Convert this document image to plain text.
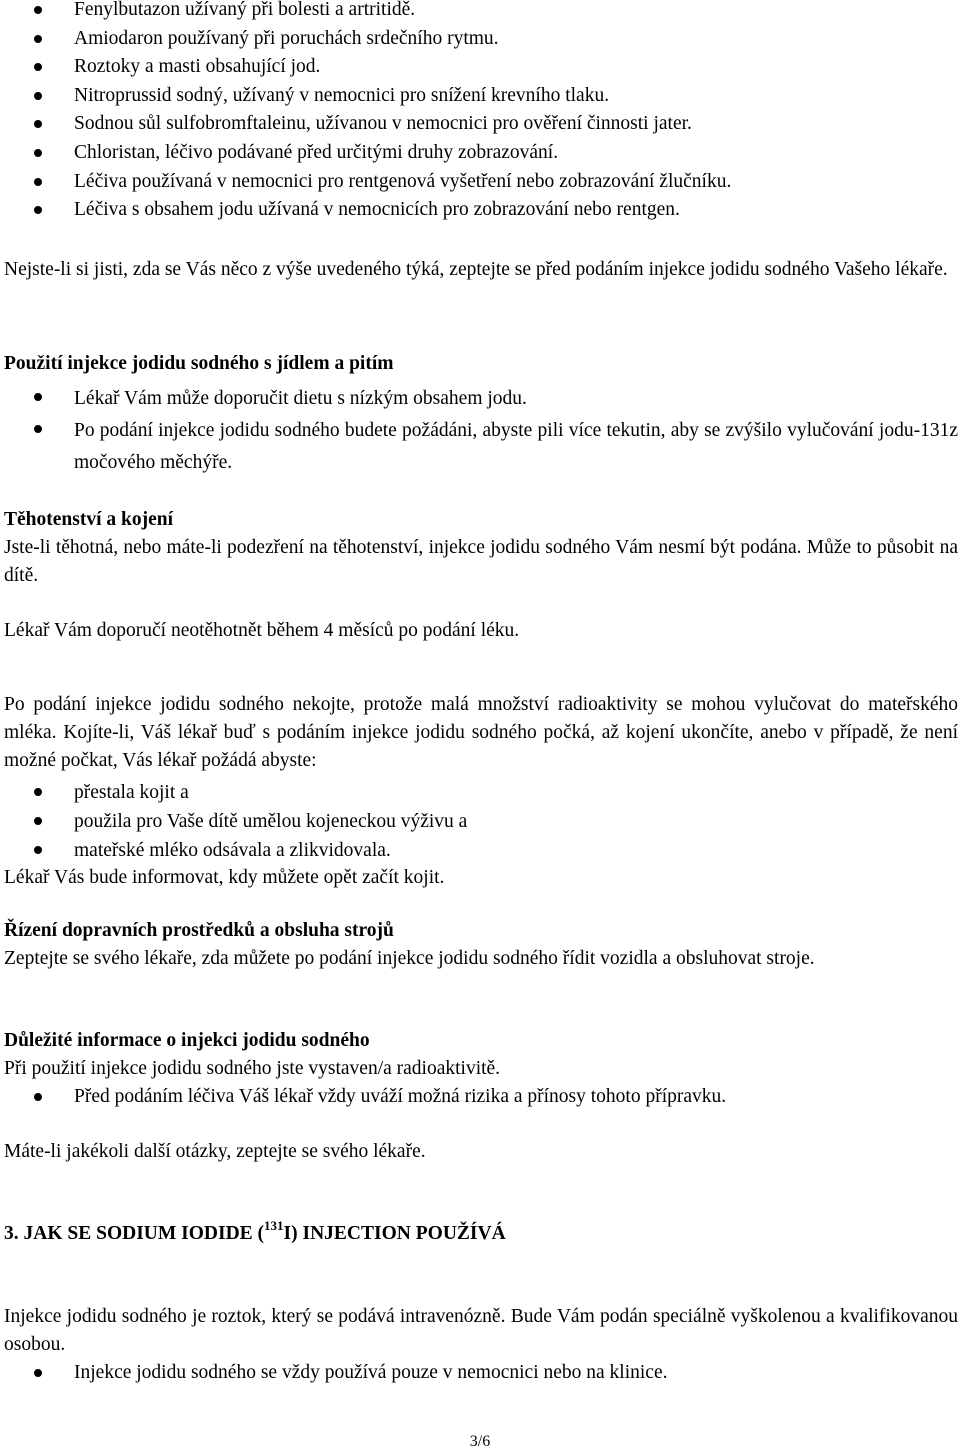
Fenylbutazon užívaný při bolesti a artritidě.
Amiodaron používaný při poruchách srdečního rytmu.
Roztoky a masti obsahující jod.
Nitroprussid sodný, užívaný v nemocnici pro snížení krevního tlaku.
Sodnou sůl sulfobromftaleinu, užívanou v nemocnici pro ověření činnosti jater.
Chloristan, léčivo podávané před určitými druhy zobrazování.
Léčiva používaná v nemocnici pro rentgenová vyšetření nebo zobrazování žlučníku.
Léčiva s obsahem jodu užívaná v nemocnicích pro zobrazování nebo rentgen.

Nejste-li si jisti, zda se Vás něco z výše uvedeného týká, zeptejte se před podáním injekce jodidu sodného Vašeho lékaře.

Použití injekce jodidu sodného s jídlem a pitím

Lékař Vám může doporučit dietu s nízkým obsahem jodu.
Po podání injekce jodidu sodného budete požádáni, abyste pili více tekutin, aby se zvýšilo vylučování jodu-131z močového měchýře.

Těhotenství a kojení

Jste-li těhotná, nebo máte-li podezření na těhotenství, injekce jodidu sodného Vám nesmí být podána. Může to působit na dítě.

Lékař Vám doporučí neotěhotnět během 4 měsíců po podání léku.

Po podání injekce jodidu sodného nekojte, protože malá množství radioaktivity se mohou vylučovat do mateřského mléka. Kojíte-li, Váš lékař buď s podáním injekce jodidu sodného počká, až kojení ukončíte, anebo v případě, že není možné počkat, Vás lékař požádá abyste:

přestala kojit a
použila pro Vaše dítě umělou kojeneckou výživu a
mateřské mléko odsávala a zlikvidovala.

Lékař Vás bude informovat, kdy můžete opět začít kojit.

Řízení dopravních prostředků a obsluha strojů

Zeptejte se svého lékaře, zda můžete po podání injekce jodidu sodného řídit vozidla a obsluhovat stroje.

Důležité informace o injekci jodidu sodného

Při použití injekce jodidu sodného jste vystaven/a radioaktivitě.

Před podáním léčiva Váš lékař vždy uváží možná rizika a přínosy tohoto přípravku.

Máte-li jakékoli další otázky, zeptejte se svého lékaře.

3. JAK SE SODIUM IODIDE ($^{131}$I) INJECTION POUŽÍVÁ

Injekce jodidu sodného je roztok, který se podává intravenózně. Bude Vám podán speciálně vyškolenou a kvalifikovanou osobou.

Injekce jodidu sodného se vždy používá pouze v nemocnici nebo na klinice.
3/6
